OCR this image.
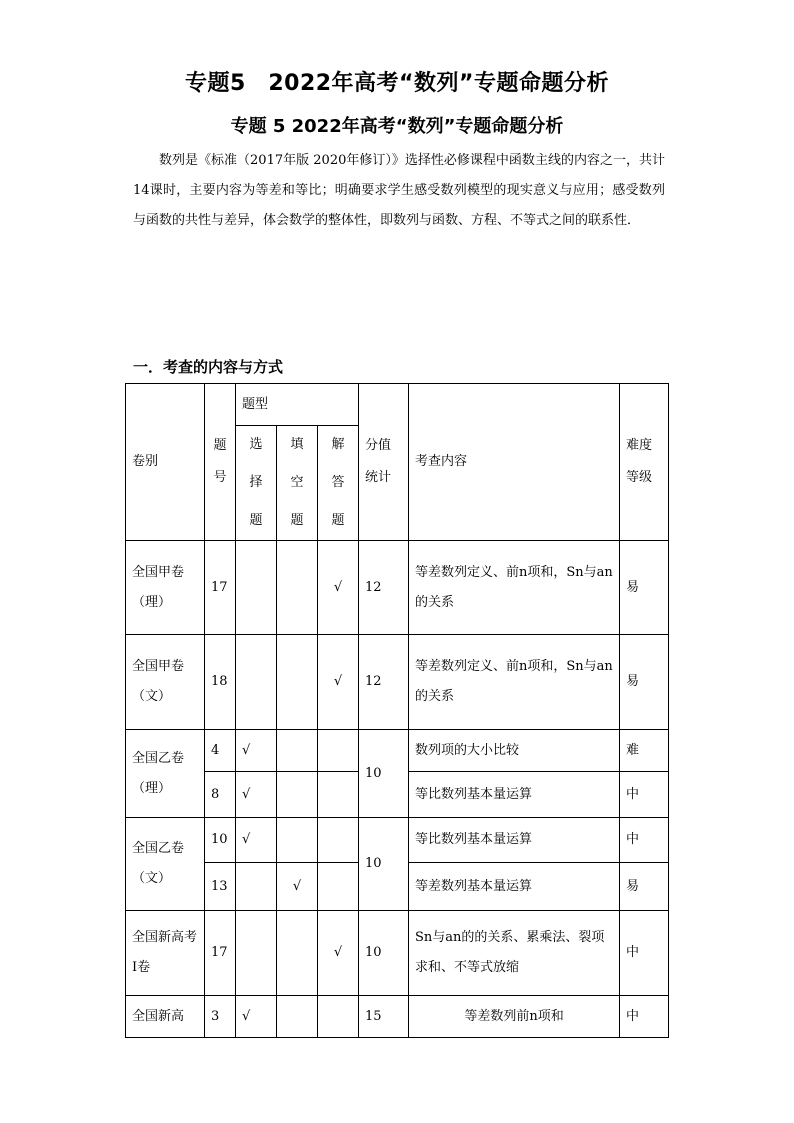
专题5　2022年高考“数列”专题命题分析
专题 5 2022年高考“数列”专题命题分析

数列是《标准（2017年版 2020年修订）》选择性必修课程中函数主线的内容之一，共计 14课时，主要内容为等差和等比；明确要求学生感受数列模型的现实意义与应用；感受数列与函数的共性与差异，体会数学的整体性，即数列与函数、方程、不等式之间的联系性．

一．考查的内容与方式
卷别	题号	题型			分值统计	考查内容	难度等级
		选择题	填空题	解答题			
全国甲卷（理）	17			√	12	等差数列定义、前n项和，Sn与an的关系	易
全国甲卷（文）	18			√	12	等差数列定义、前n项和，Sn与an的关系	易
全国乙卷（理）	4	√			10	数列项的大小比较	难
	8	√				等比数列基本量运算	中
全国乙卷（文）	10	√			10	等比数列基本量运算	中
	13		√			等差数列基本量运算	易
全国新高考Ⅰ卷	17			√	10	Sn与an的的关系、累乘法、裂项求和、不等式放缩	中
全国新高	3	√			15	等差数列前n项和	中
